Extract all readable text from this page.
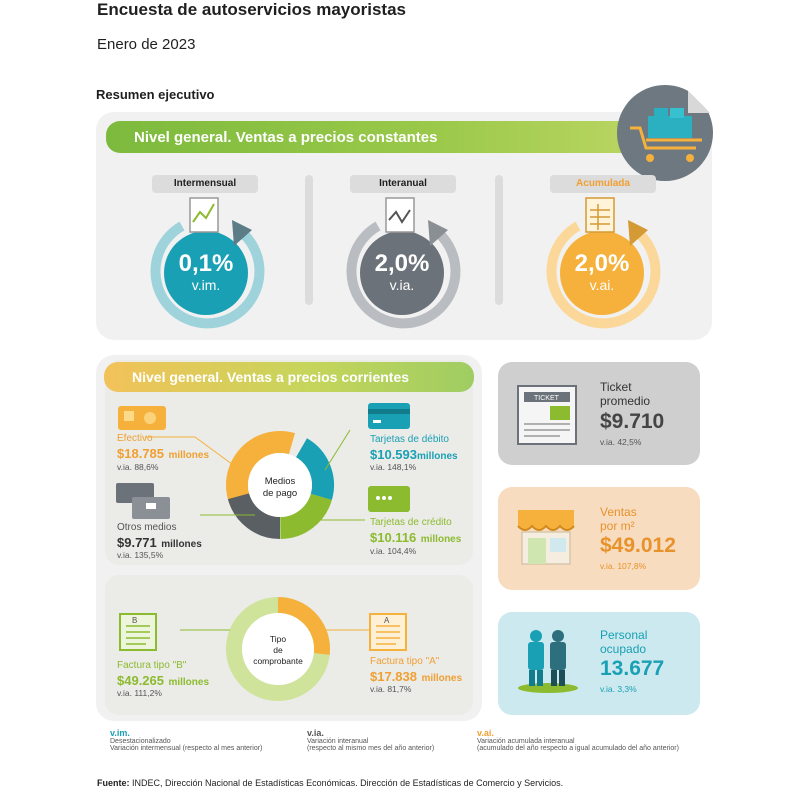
Encuesta de autoservicios mayoristas
Enero de 2023
Resumen ejecutivo
Nivel general. Ventas a precios constantes
Intermensual
0,1%
v.im.
Interanual
2,0%
v.ia.
Acumulada
2,0%
v.ai.
Nivel general. Ventas a precios corrientes
Medios
de pago
Efectivo
$18.785 millones
v.ia. 88,6%
Otros medios
$9.771 millones
v.ia. 135,5%
Tarjetas de débito
$10.593millones
v.ia. 148,1%
Tarjetas de crédito
$10.116 millones
v.ia. 104,4%
Tipo
de
comprobante
B
Factura tipo "B"
$49.265 millones
v.ia. 111,2%
A
Factura tipo "A"
$17.838 millones
v.ia. 81,7%
TICKET
Ticket
promedio
$9.710
v.ia. 42,5%
Ventas
por m²
$49.012
v.ia. 107,8%
Personal
ocupado
13.677
v.ia. 3,3%
v.im.
Desestacionalizado
Variación intermensual (respecto al mes anterior)
v.ia.
Variación interanual
(respecto al mismo mes del año anterior)
v.ai.
Variación acumulada interanual
(acumulado del año respecto a igual acumulado del año anterior)
Fuente: INDEC, Dirección Nacional de Estadísticas Económicas. Dirección de Estadísticas de Comercio y Servicios.
